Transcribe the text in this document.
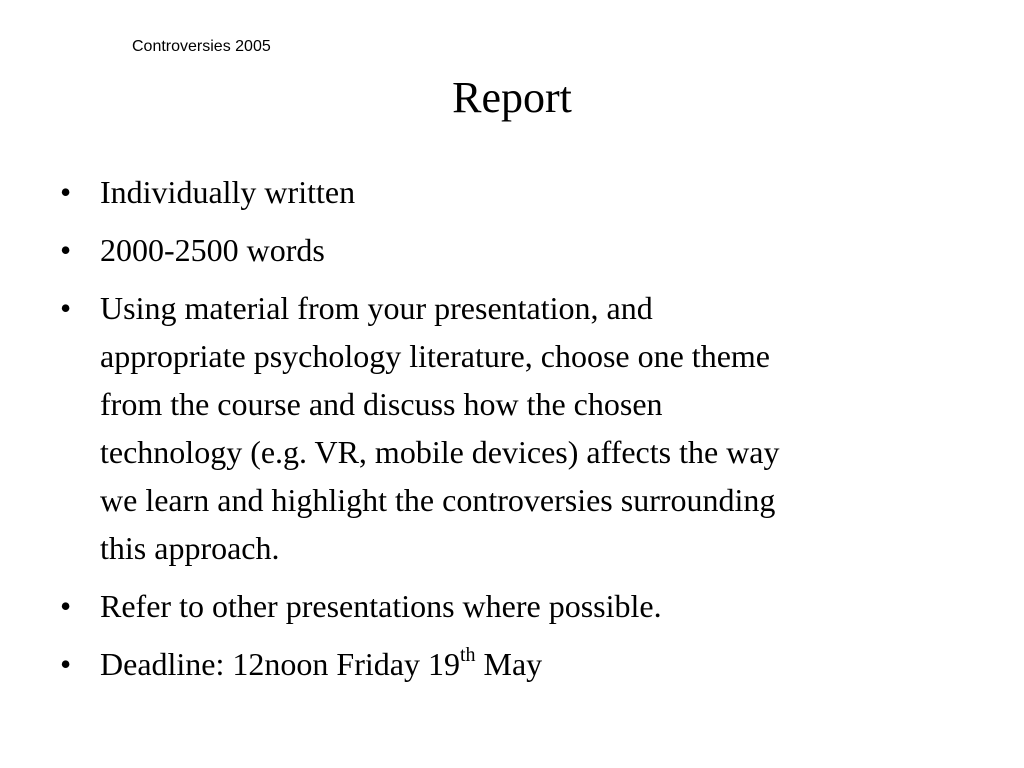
Controversies 2005
Report
• Individually written
• 2000-2500 words
• Using material from your presentation, and
appropriate psychology literature, choose one theme
from the course and discuss how the chosen
technology (e.g. VR, mobile devices) affects the way
we learn and highlight the controversies surrounding
this approach.
• Refer to other presentations where possible.
• Deadline: 12noon Friday 19th May
